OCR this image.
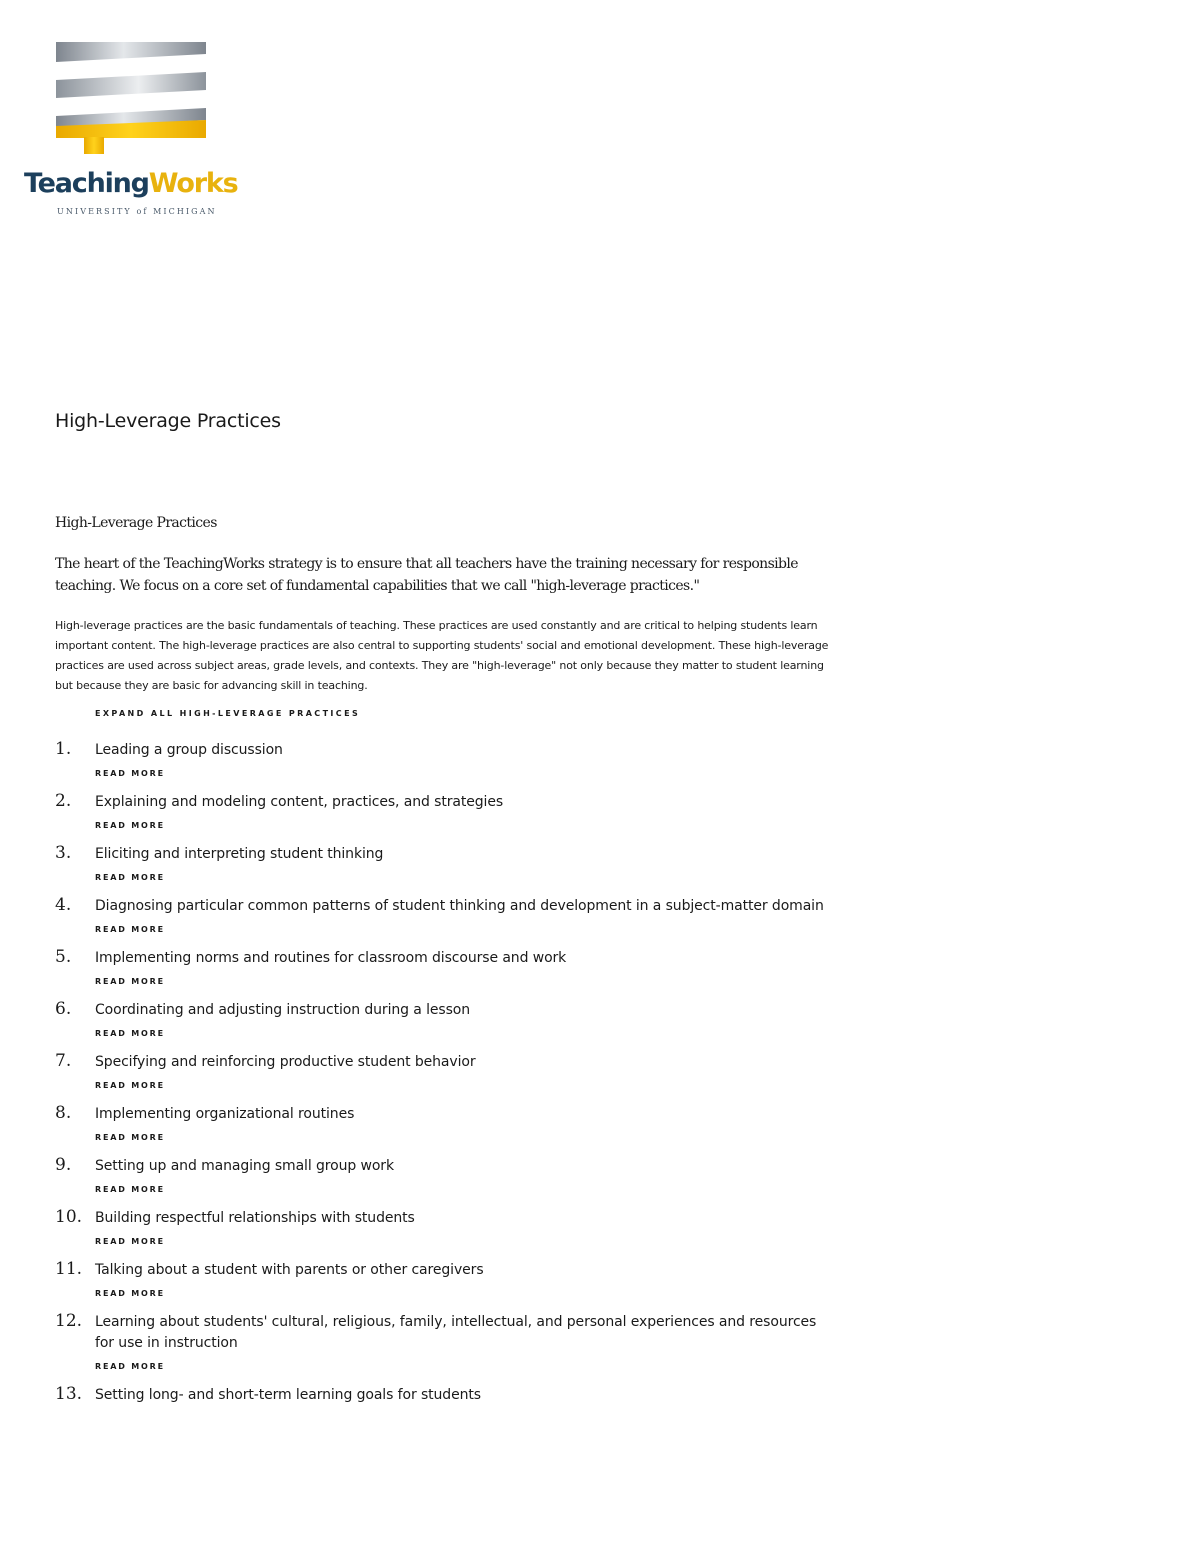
TeachingWorks
UNIVERSITY of MICHIGAN
High-Leverage Practices

High-Leverage Practices

The heart of the TeachingWorks strategy is to ensure that all teachers have the training necessary for responsible teaching. We focus on a core set of fundamental capabilities that we call "high-leverage practices."

High-leverage practices are the basic fundamentals of teaching. These practices are used constantly and are critical to helping students learn important content. The high-leverage practices are also central to supporting students' social and emotional development. These high-leverage practices are used across subject areas, grade levels, and contexts. They are "high-leverage" not only because they matter to student learning but because they are basic for advancing skill in teaching.

EXPAND ALL HIGH-LEVERAGE PRACTICES
1. Leading a group discussion
READ MORE
2. Explaining and modeling content, practices, and strategies
READ MORE
3. Eliciting and interpreting student thinking
READ MORE
4. Diagnosing particular common patterns of student thinking and development in a subject-matter domain
READ MORE
5. Implementing norms and routines for classroom discourse and work
READ MORE
6. Coordinating and adjusting instruction during a lesson
READ MORE
7. Specifying and reinforcing productive student behavior
READ MORE
8. Implementing organizational routines
READ MORE
9. Setting up and managing small group work
READ MORE
10. Building respectful relationships with students
READ MORE
11. Talking about a student with parents or other caregivers
READ MORE
12. Learning about students' cultural, religious, family, intellectual, and personal experiences and resources for use in instruction
READ MORE
13. Setting long- and short-term learning goals for students
